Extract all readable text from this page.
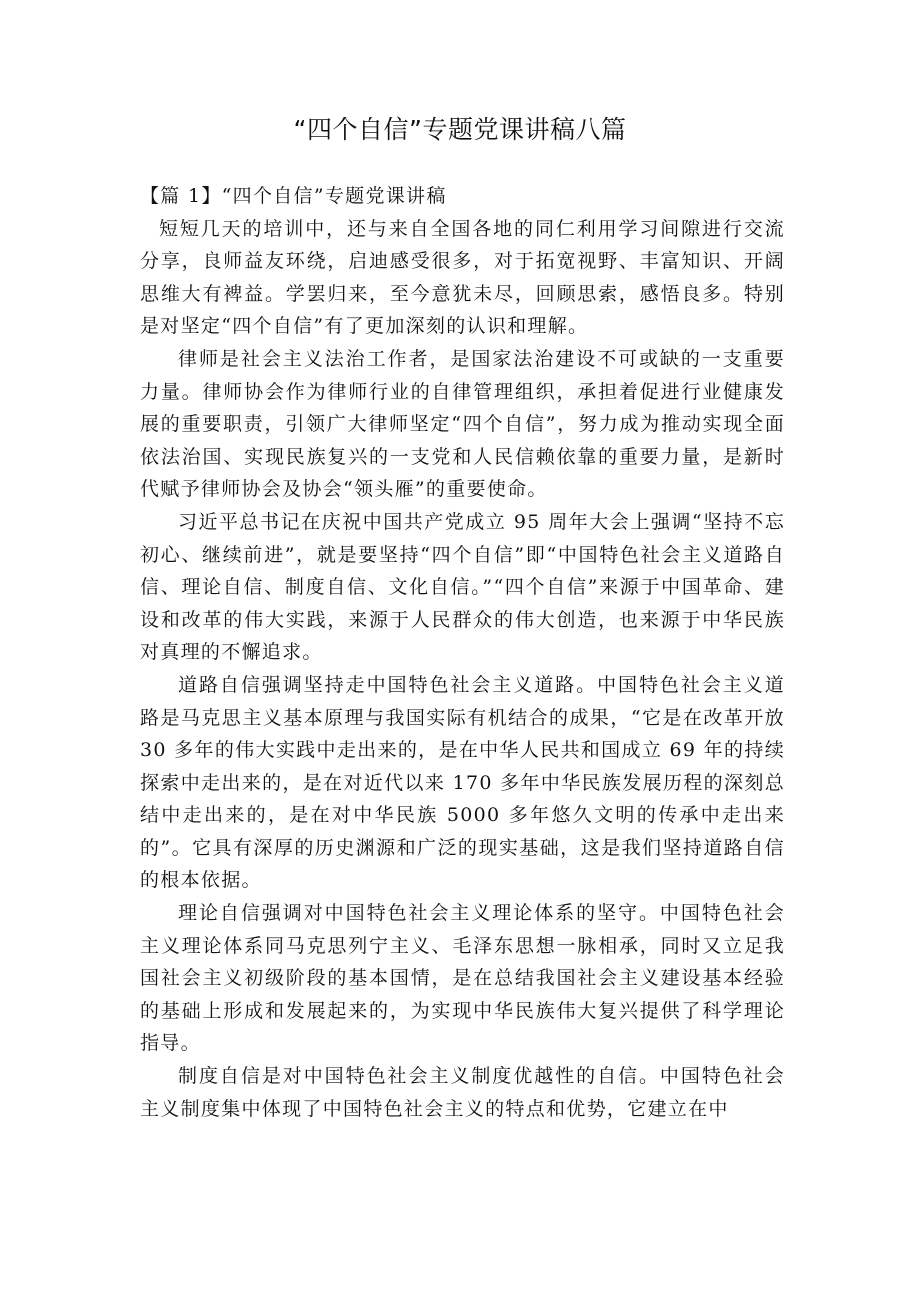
“四个自信”专题党课讲稿八篇

【篇 1】“四个自信”专题党课讲稿

短短几天的培训中，还与来自全国各地的同仁利用学习间隙进行交流分享，良师益友环绕，启迪感受很多，对于拓宽视野、丰富知识、开阔思维大有裨益。学罢归来，至今意犹未尽，回顾思索，感悟良多。特别是对坚定“四个自信”有了更加深刻的认识和理解。

律师是社会主义法治工作者，是国家法治建设不可或缺的一支重要力量。律师协会作为律师行业的自律管理组织，承担着促进行业健康发展的重要职责，引领广大律师坚定“四个自信”，努力成为推动实现全面依法治国、实现民族复兴的一支党和人民信赖依靠的重要力量，是新时代赋予律师协会及协会“领头雁”的重要使命。

习近平总书记在庆祝中国共产党成立 95 周年大会上强调“坚持不忘初心、继续前进”，就是要坚持“四个自信”即“中国特色社会主义道路自信、理论自信、制度自信、文化自信。”“四个自信”来源于中国革命、建设和改革的伟大实践，来源于人民群众的伟大创造，也来源于中华民族对真理的不懈追求。

道路自信强调坚持走中国特色社会主义道路。中国特色社会主义道路是马克思主义基本原理与我国实际有机结合的成果，“它是在改革开放 30 多年的伟大实践中走出来的，是在中华人民共和国成立 69 年的持续探索中走出来的，是在对近代以来 170 多年中华民族发展历程的深刻总结中走出来的，是在对中华民族 5000 多年悠久文明的传承中走出来的”。它具有深厚的历史渊源和广泛的现实基础，这是我们坚持道路自信的根本依据。

理论自信强调对中国特色社会主义理论体系的坚守。中国特色社会主义理论体系同马克思列宁主义、毛泽东思想一脉相承，同时又立足我国社会主义初级阶段的基本国情，是在总结我国社会主义建设基本经验的基础上形成和发展起来的，为实现中华民族伟大复兴提供了科学理论指导。

制度自信是对中国特色社会主义制度优越性的自信。中国特色社会主义制度集中体现了中国特色社会主义的特点和优势，它建立在中
